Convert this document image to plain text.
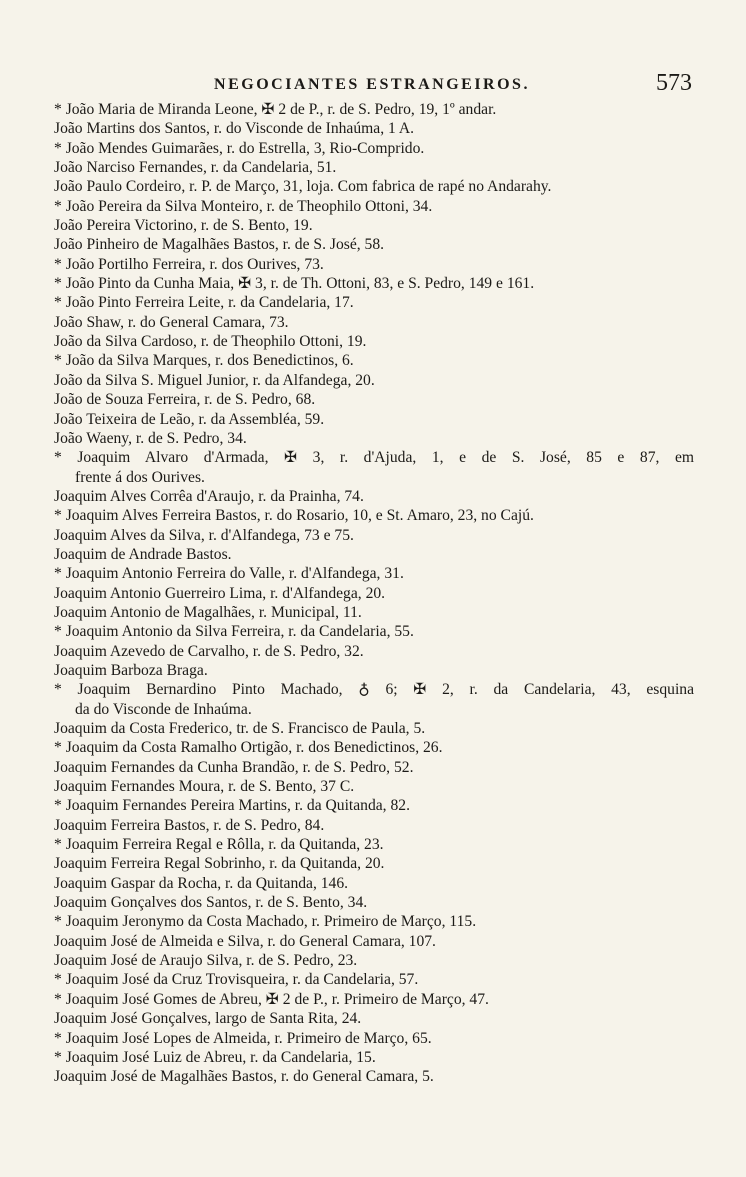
NEGOCIANTES ESTRANGEIROS.	573
* João Maria de Miranda Leone, ✠ 2 de P., r. de S. Pedro, 19, 1º andar.
João Martins dos Santos, r. do Visconde de Inhaúma, 1 A.
* João Mendes Guimarães, r. do Estrella, 3, Rio-Comprido.
João Narciso Fernandes, r. da Candelaria, 51.
João Paulo Cordeiro, r. P. de Março, 31, loja. Com fabrica de rapé no Andarahy.
* João Pereira da Silva Monteiro, r. de Theophilo Ottoni, 34.
João Pereira Victorino, r. de S. Bento, 19.
João Pinheiro de Magalhães Bastos, r. de S. José, 58.
* João Portilho Ferreira, r. dos Ourives, 73.
* João Pinto da Cunha Maia, ✠ 3, r. de Th. Ottoni, 83, e S. Pedro, 149 e 161.
* João Pinto Ferreira Leite, r. da Candelaria, 17.
João Shaw, r. do General Camara, 73.
João da Silva Cardoso, r. de Theophilo Ottoni, 19.
* João da Silva Marques, r. dos Benedictinos, 6.
João da Silva S. Miguel Junior, r. da Alfandega, 20.
João de Souza Ferreira, r. de S. Pedro, 68.
João Teixeira de Leão, r. da Assembléa, 59.
João Waeny, r. de S. Pedro, 34.
* Joaquim Alvaro d'Armada, ✠ 3, r. d'Ajuda, 1, e de S. José, 85 e 87, em
frente á dos Ourives.
Joaquim Alves Corrêa d'Araujo, r. da Prainha, 74.
* Joaquim Alves Ferreira Bastos, r. do Rosario, 10, e St. Amaro, 23, no Cajú.
Joaquim Alves da Silva, r. d'Alfandega, 73 e 75.
Joaquim de Andrade Bastos.
* Joaquim Antonio Ferreira do Valle, r. d'Alfandega, 31.
Joaquim Antonio Guerreiro Lima, r. d'Alfandega, 20.
Joaquim Antonio de Magalhães, r. Municipal, 11.
* Joaquim Antonio da Silva Ferreira, r. da Candelaria, 55.
Joaquim Azevedo de Carvalho, r. de S. Pedro, 32.
Joaquim Barboza Braga.
* Joaquim Bernardino Pinto Machado, ♁ 6; ✠ 2, r. da Candelaria, 43, esquina
da do Visconde de Inhaúma.
Joaquim da Costa Frederico, tr. de S. Francisco de Paula, 5.
* Joaquim da Costa Ramalho Ortigão, r. dos Benedictinos, 26.
Joaquim Fernandes da Cunha Brandão, r. de S. Pedro, 52.
Joaquim Fernandes Moura, r. de S. Bento, 37 C.
* Joaquim Fernandes Pereira Martins, r. da Quitanda, 82.
Joaquim Ferreira Bastos, r. de S. Pedro, 84.
* Joaquim Ferreira Regal e Rôlla, r. da Quitanda, 23.
Joaquim Ferreira Regal Sobrinho, r. da Quitanda, 20.
Joaquim Gaspar da Rocha, r. da Quitanda, 146.
Joaquim Gonçalves dos Santos, r. de S. Bento, 34.
* Joaquim Jeronymo da Costa Machado, r. Primeiro de Março, 115.
Joaquim José de Almeida e Silva, r. do General Camara, 107.
Joaquim José de Araujo Silva, r. de S. Pedro, 23.
* Joaquim José da Cruz Trovisqueira, r. da Candelaria, 57.
* Joaquim José Gomes de Abreu, ✠ 2 de P., r. Primeiro de Março, 47.
Joaquim José Gonçalves, largo de Santa Rita, 24.
* Joaquim José Lopes de Almeida, r. Primeiro de Março, 65.
* Joaquim José Luiz de Abreu, r. da Candelaria, 15.
Joaquim José de Magalhães Bastos, r. do General Camara, 5.
